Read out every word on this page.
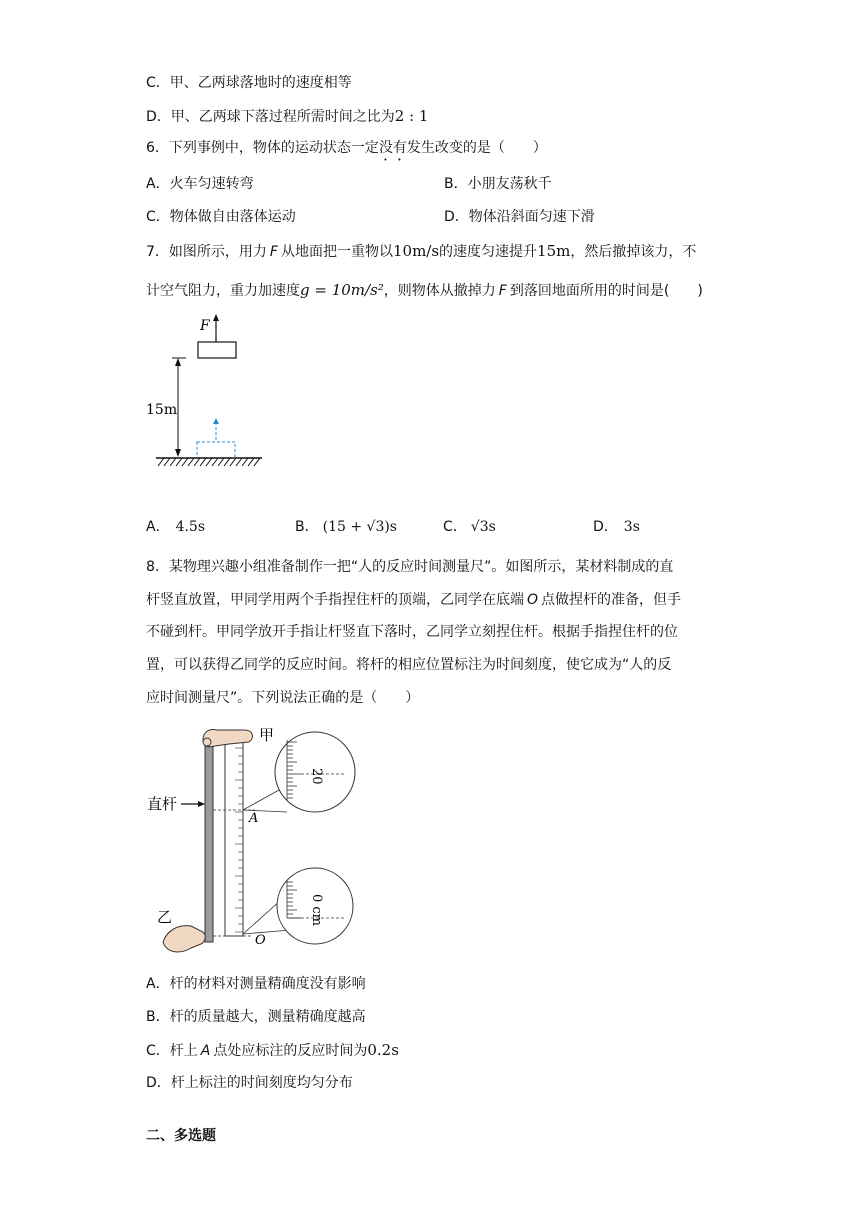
C．甲、乙两球落地时的速度相等
D．甲、乙两球下落过程所需时间之比为2 : 1
6．下列事例中，物体的运动状态一定没有发生改变的是（　　）
A．火车匀速转弯	B．小朋友荡秋千
C．物体做自由落体运动	D．物体沿斜面匀速下滑
7．如图所示，用力 F 从地面把一重物以10m/s的速度匀速提升15m，然后撤掉该力，不
计空气阻力，重力加速度g = 10m/s²，则物体从撤掉力 F 到落回地面所用的时间是(　　)
F
15m
A． 4.5s	B． (15 + √3)s	C． √3s	D． 3s
8．某物理兴趣小组准备制作一把“人的反应时间测量尺”。如图所示，某材料制成的直
杆竖直放置，甲同学用两个手指捏住杆的顶端，乙同学在底端 O 点做捏杆的准备，但手
不碰到杆。甲同学放开手指让杆竖直下落时，乙同学立刻捏住杆。根据手指捏住杆的位
置，可以获得乙同学的反应时间。将杆的相应位置标注为时间刻度，使它成为“人的反
应时间测量尺”。下列说法正确的是（　　）
甲
直杆
A
20
0 cm
O
乙
A．杆的材料对测量精确度没有影响
B．杆的质量越大，测量精确度越高
C．杆上 A 点处应标注的反应时间为0.2s
D．杆上标注的时间刻度均匀分布
二、多选题
